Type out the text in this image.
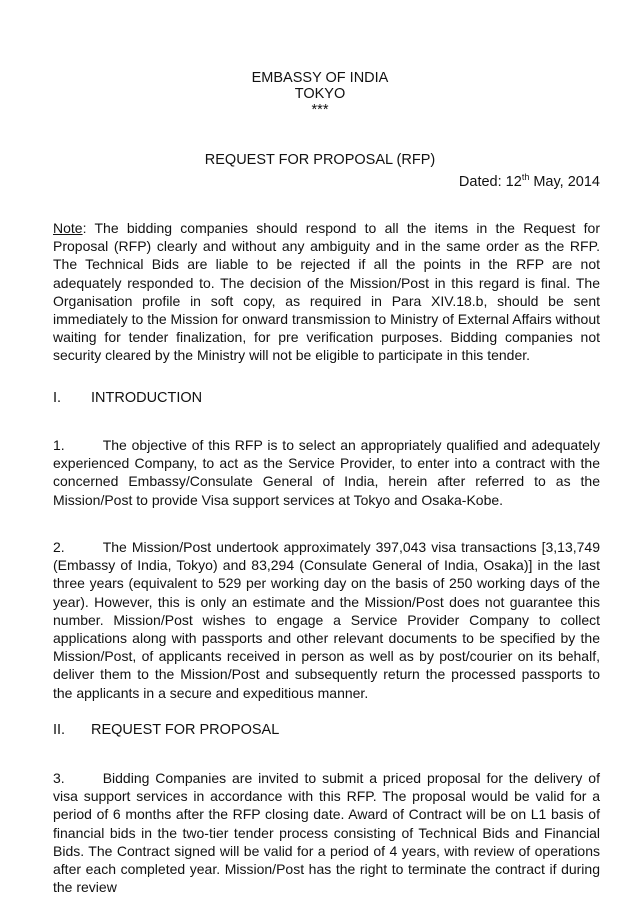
EMBASSY OF INDIA
TOKYO
***
REQUEST FOR PROPOSAL (RFP)
Dated: 12th May, 2014

Note: The bidding companies should respond to all the items in the Request for Proposal (RFP) clearly and without any ambiguity and in the same order as the RFP. The Technical Bids are liable to be rejected if all the points in the RFP are not adequately responded to. The decision of the Mission/Post in this regard is final. The Organisation profile in soft copy, as required in Para XIV.18.b, should be sent immediately to the Mission for onward transmission to Ministry of External Affairs without waiting for tender finalization, for pre verification purposes. Bidding companies not security cleared by the Ministry will not be eligible to participate in this tender.

I. INTRODUCTION

1.	The objective of this RFP is to select an appropriately qualified and adequately experienced Company, to act as the Service Provider, to enter into a contract with the concerned Embassy/Consulate General of India, herein after referred to as the Mission/Post to provide Visa support services at Tokyo and Osaka-Kobe.

2.	The Mission/Post undertook approximately 397,043 visa transactions [3,13,749 (Embassy of India, Tokyo) and 83,294 (Consulate General of India, Osaka)] in the last three years (equivalent to 529 per working day on the basis of 250 working days of the year). However, this is only an estimate and the Mission/Post does not guarantee this number. Mission/Post wishes to engage a Service Provider Company to collect applications along with passports and other relevant documents to be specified by the Mission/Post, of applicants received in person as well as by post/courier on its behalf, deliver them to the Mission/Post and subsequently return the processed passports to the applicants in a secure and expeditious manner.

II. REQUEST FOR PROPOSAL

3.	Bidding Companies are invited to submit a priced proposal for the delivery of visa support services in accordance with this RFP. The proposal would be valid for a period of 6 months after the RFP closing date. Award of Contract will be on L1 basis of financial bids in the two-tier tender process consisting of Technical Bids and Financial Bids. The Contract signed will be valid for a period of 4 years, with review of operations after each completed year. Mission/Post has the right to terminate the contract if during the review
